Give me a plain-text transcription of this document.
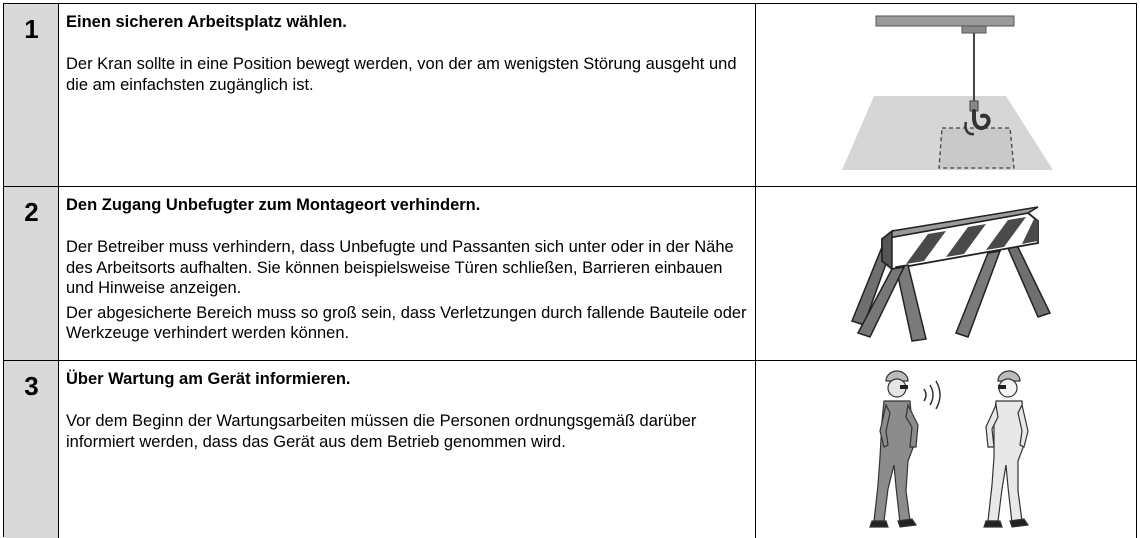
1	Einen sicheren Arbeitsplatz wählen.

Der Kran sollte in eine Position bewegt werden, von der am wenigsten Störung ausgeht und die am einfachsten zugänglich ist.

2	Den Zugang Unbefugter zum Montageort verhindern.

Der Betreiber muss verhindern, dass Unbefugte und Passanten sich unter oder in der Nähe des Arbeitsorts aufhalten. Sie können beispielsweise Türen schließen, Barrieren einbauen und Hinweise anzeigen.

Der abgesicherte Bereich muss so groß sein, dass Verletzungen durch fallende Bauteile oder Werkzeuge verhindert werden können.

3	Über Wartung am Gerät informieren.

Vor dem Beginn der Wartungsarbeiten müssen die Personen ordnungsgemäß darüber informiert werden, dass das Gerät aus dem Betrieb genommen wird.
